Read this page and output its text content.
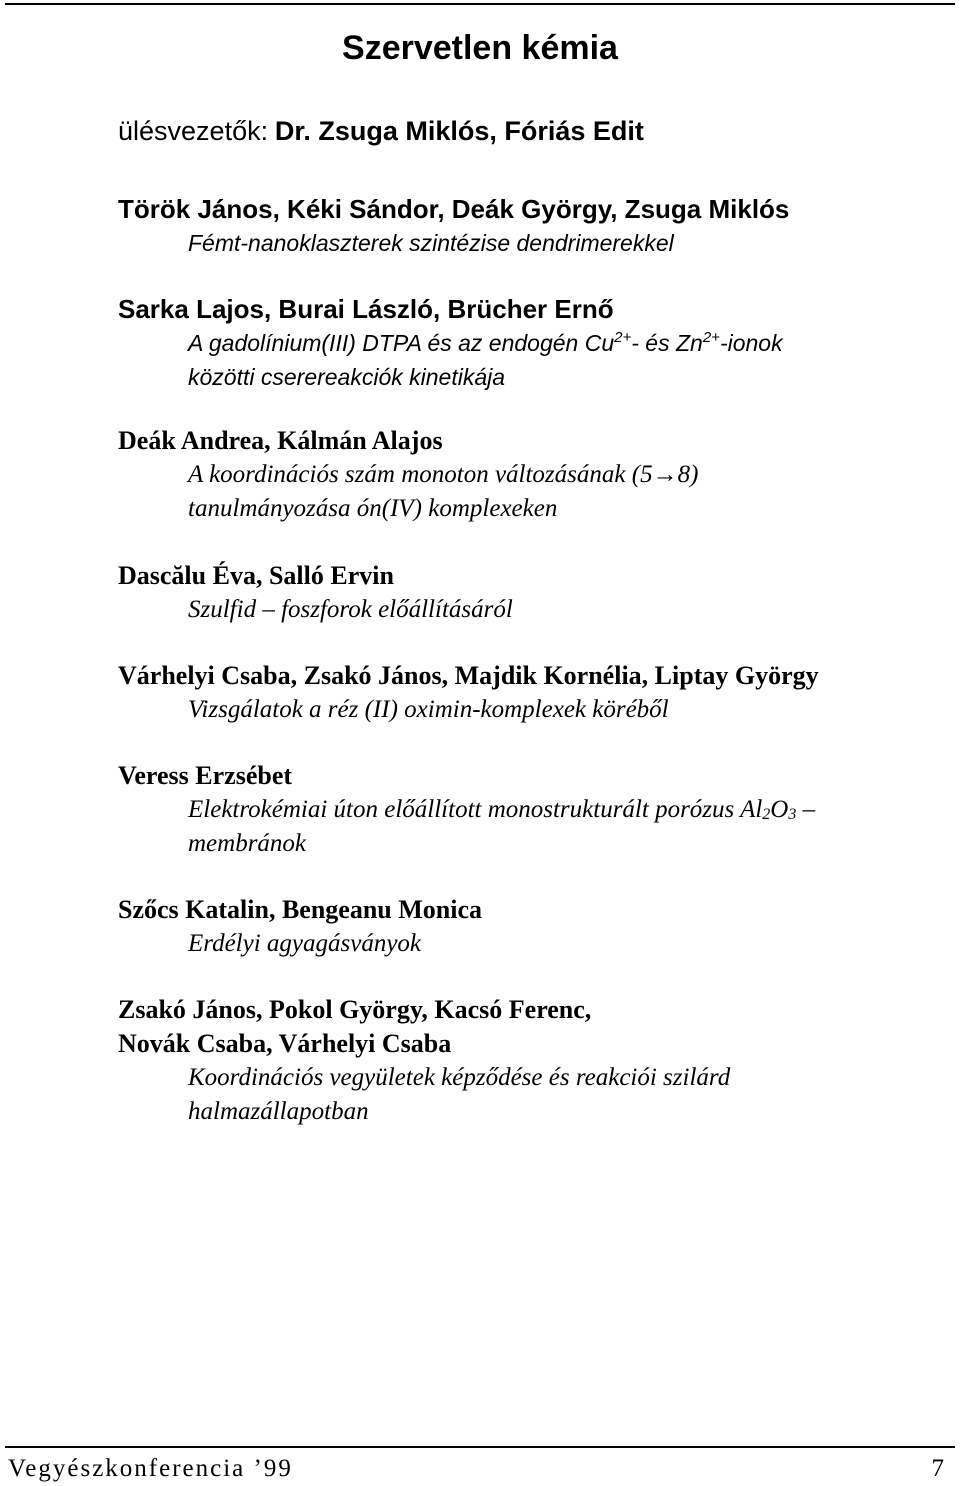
Szervetlen kémia
ülésvezetők: Dr. Zsuga Miklós, Fóriás Edit
Török János, Kéki Sándor, Deák György, Zsuga Miklós
Fémt-nanoklaszterek szintézise dendrimerekkel
Sarka Lajos, Burai László, Brücher Ernő
A gadolínium(III) DTPA és az endogén $Cu^{2+}-$ és $Zn^{2+}$-ionok
közötti cserereakciók kinetikája
Deák Andrea, Kálmán Alajos
A koordinációs szám monoton változásának (5→8)
tanulmányozása ón(IV) komplexeken
Dascălu Éva, Salló Ervin
Szulfid – foszforok előállításáról
Várhelyi Csaba, Zsakó János, Majdik Kornélia, Liptay György
Vizsgálatok a réz (II) oximin-komplexek köréből
Veress Erzsébet
Elektrokémiai úton előállított monostrukturált porózus $Al_2O_3$ –
membránok
Szőcs Katalin, Bengeanu Monica
Erdélyi agyagásványok
Zsakó János, Pokol György, Kacsó Ferenc,
Novák Csaba, Várhelyi Csaba
Koordinációs vegyületek képződése és reakciói szilárd
halmazállapotban
Vegyészkonferencia ’99	7
